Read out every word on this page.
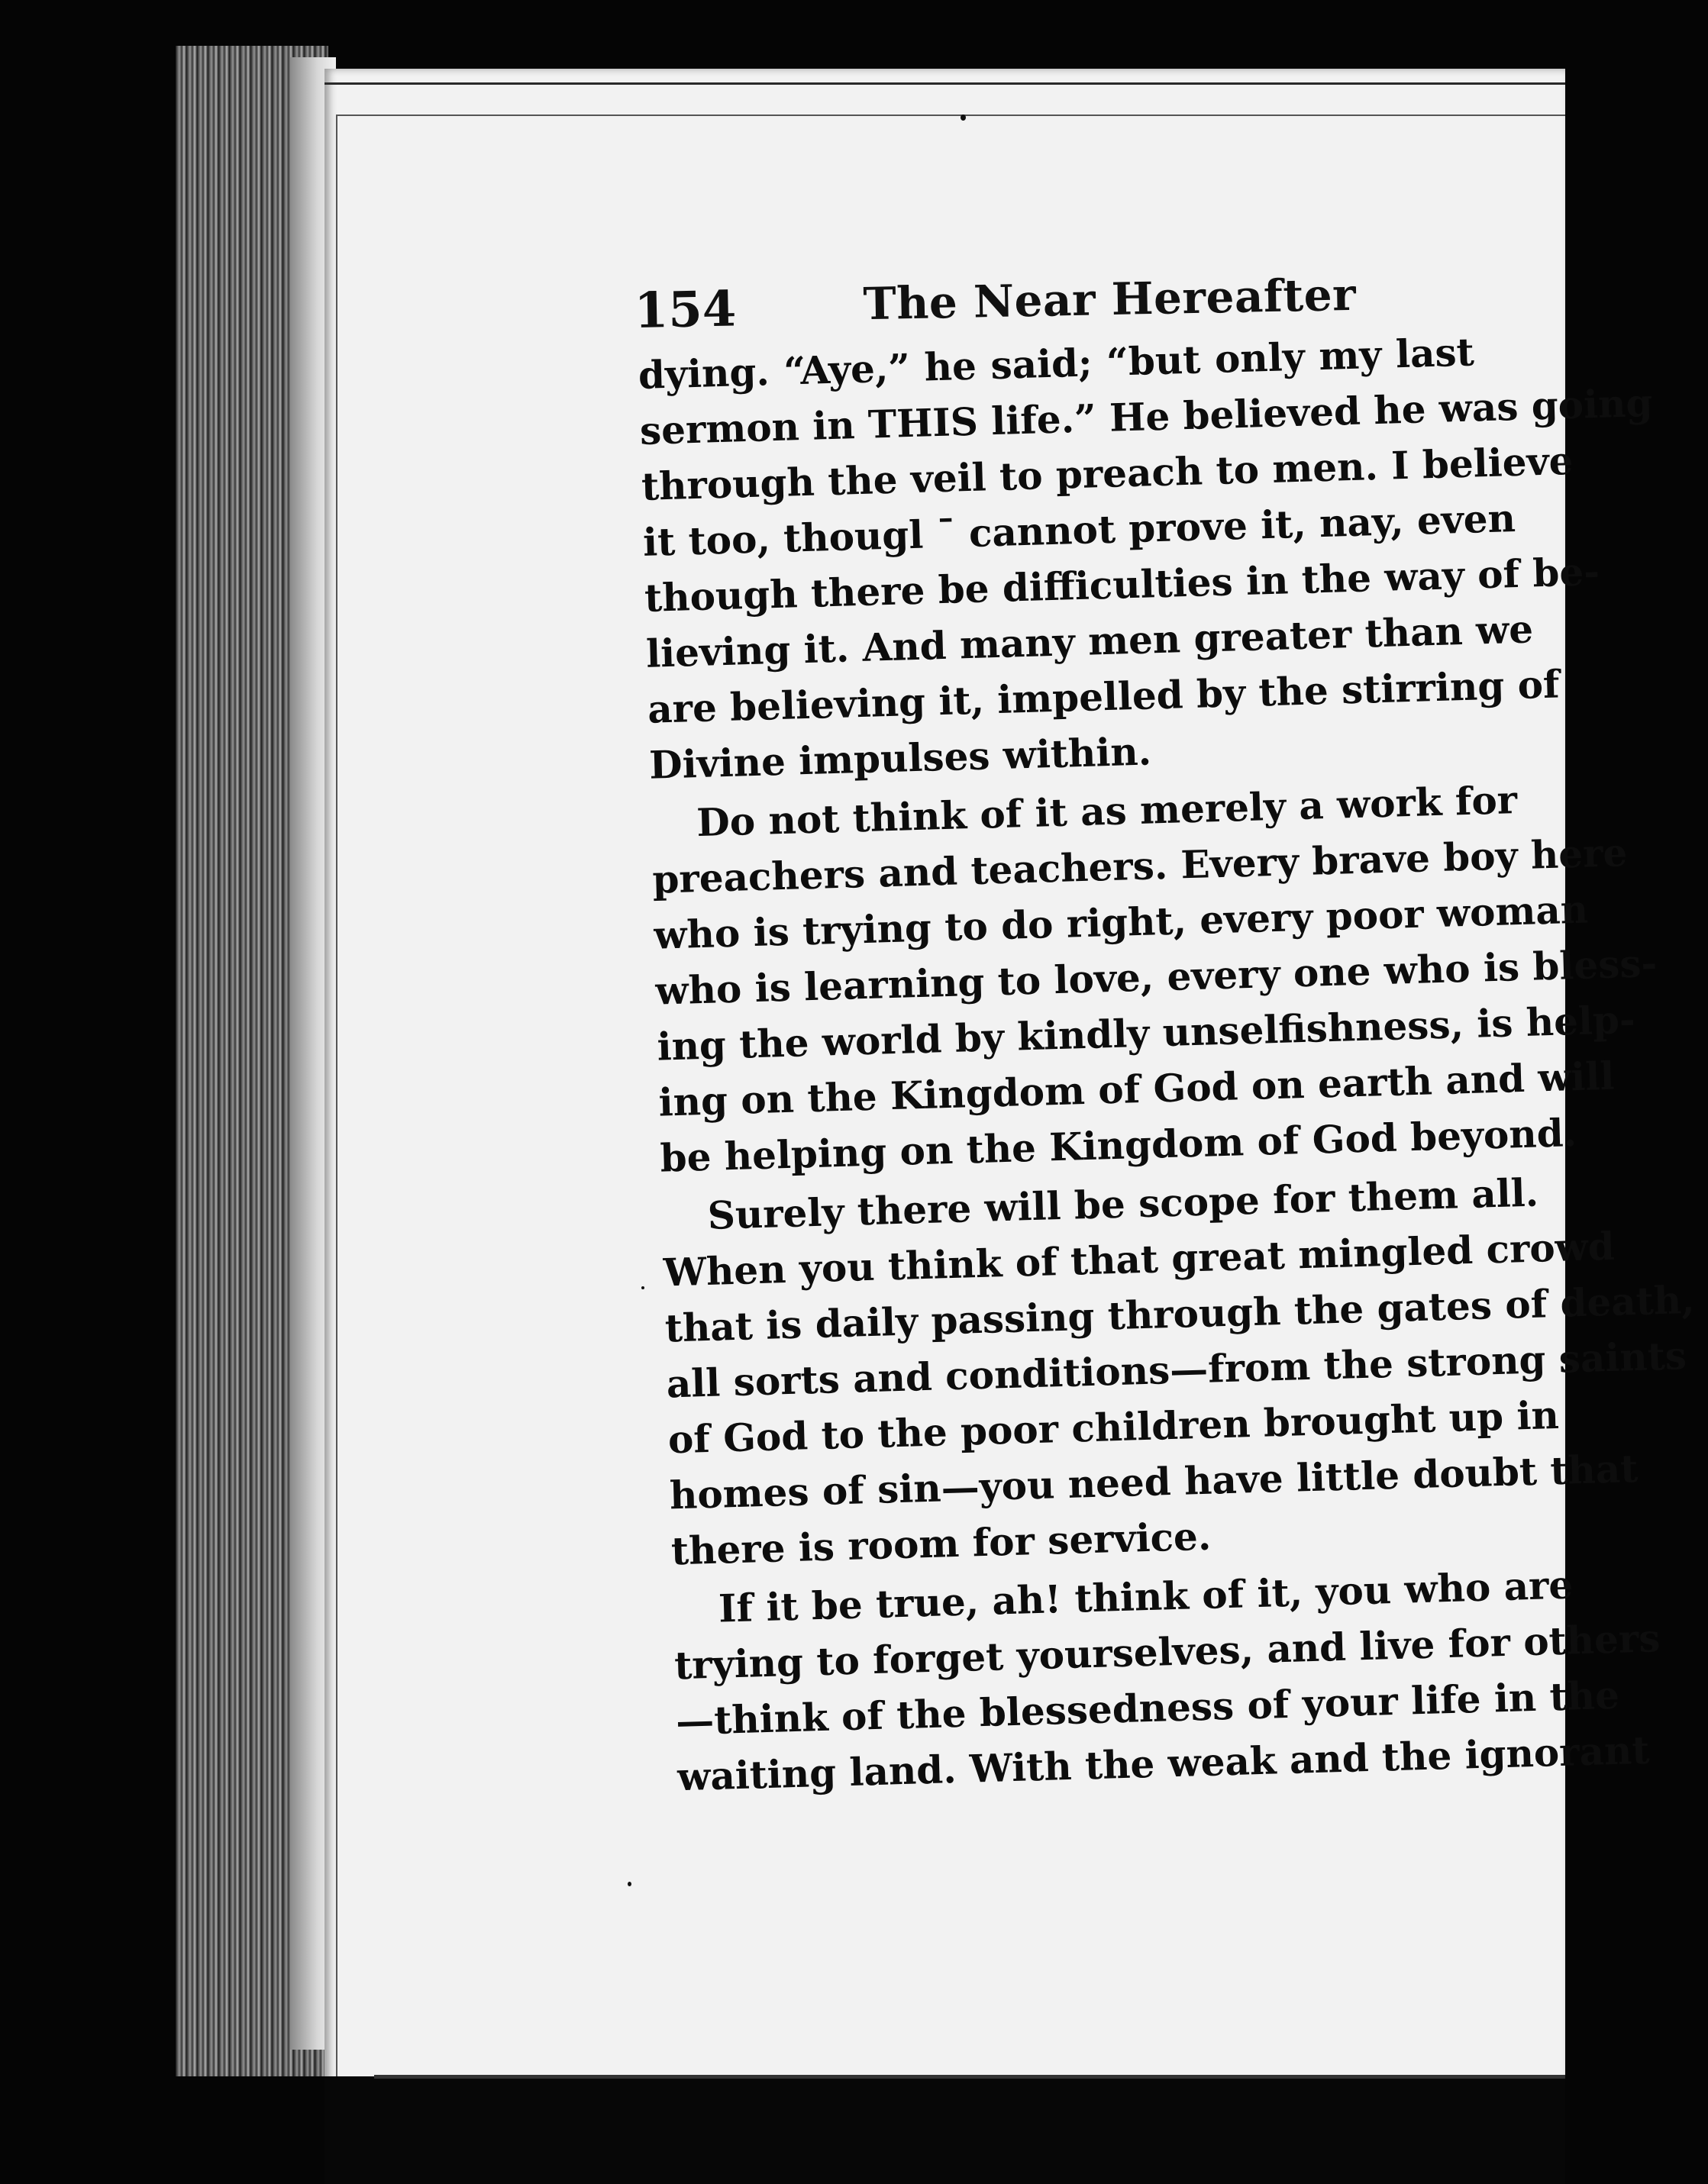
154	The Near Hereafter
dying. “Aye,” he said; “but only my last
sermon in THIS life.” He believed he was going
through the veil to preach to men. I believe
it too, thougl ˉ cannot prove it, nay, even
though there be difficulties in the way of be-
lieving it. And many men greater than we
are believing it, impelled by the stirring of
Divine impulses within.
Do not think of it as merely a work for
preachers and teachers. Every brave boy here
who is trying to do right, every poor woman
who is learning to love, every one who is bless-
ing the world by kindly unselfishness, is help-
ing on the Kingdom of God on earth and will
be helping on the Kingdom of God beyond.
Surely there will be scope for them all.
When you think of that great mingled crowd
that is daily passing through the gates of death,
all sorts and conditions—from the strong saints
of God to the poor children brought up in
homes of sin—you need have little doubt that
there is room for service.
If it be true, ah! think of it, you who are
trying to forget yourselves, and live for others
—think of the blessedness of your life in the
waiting land. With the weak and the ignorant
